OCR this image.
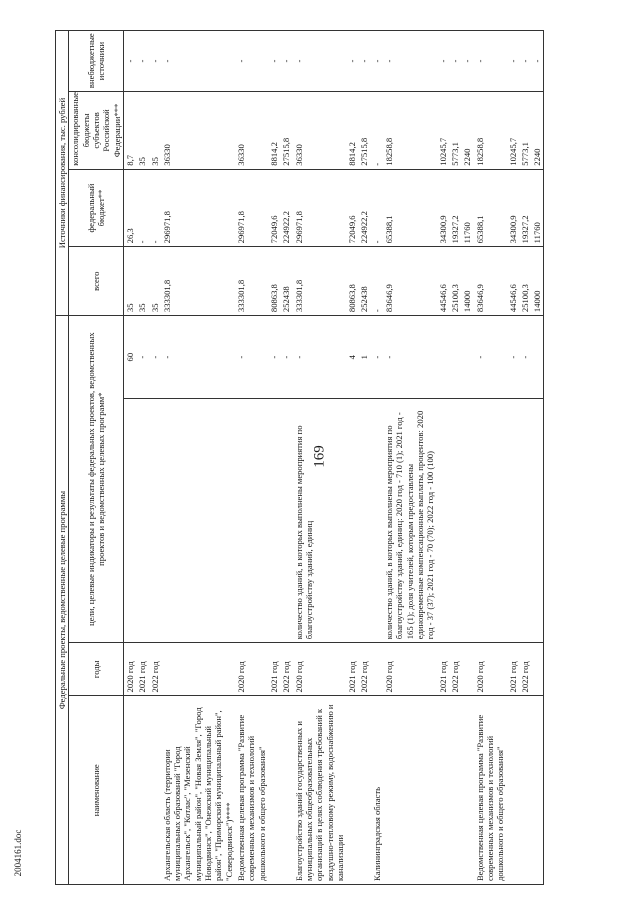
169
2004161.doc
Федеральные проекты, ведомственные целевые программы				Источники финансирования, тыс. рублей			
наименование	годы	цели, целевые индикаторы и результаты федеральных проектов, ведомственных проектов и ведомственных целевых программ*		всего	федеральный бюджет**	консолидированные бюджеты субъектов Российской Федерации***	внебюджетные источники
	2020 год		60	35	26,3	8,7	-
	2021 год		-	35	-	35	-
	2022 год		-	35	-	35	-
Архангельская область (территории муниципальных образований "Город Архангельск", "Котлас", "Мезенский муниципальный район", "Новая Земля", "Город Новодвинск", "Онежский муниципальный район", "Приморский муниципальный район", "Северодвинск")****			-	333301,8	296971,8	36330	-
Ведомственная целевая программа "Развитие современных механизмов и технологий дошкольного и общего образования"	2020 год		-	333301,8	296971,8	36330	-
	2021 год		-	80863,8	72049,6	8814,2	-
	2022 год		-	252438	224922,2	27515,8	-
Благоустройство зданий государственных и муниципальных общеобразовательных организаций в целях соблюдения требований к воздушно-тепловому режиму, водоснабжению и канализации	2020 год	количество зданий, в которых выполнены мероприятия по благоустройству зданий, единиц	-	333301,8	296971,8	36330	-
	2021 год		4	80863,8	72049,6	8814,2	-
	2022 год		1	252438	224922,2	27515,8	-
Калининградская область			-	-	-	-	-
	2020 год	количество зданий, в которых выполнены мероприятия по благоустройству зданий, единиц: 2020 год - 710 (1); 2021 год - 165 (1); доля учителей, которым предоставлены единовременные компенсационные выплаты, процентов: 2020 год - 37 (37); 2021 год - 70 (70); 2022 год - 100 (100)	-	83646,9	65388,1	18258,8	-
	2021 год			44546,6	34300,9	10245,7	-
	2022 год			25100,3	19327,2	5773,1	-
				14000	11760	2240	-
Ведомственная целевая программа "Развитие современных механизмов и технологий дошкольного и общего образования"	2020 год		-	83646,9	65388,1	18258,8	-
	2021 год		-	44546,6	34300,9	10245,7	-
	2022 год		-	25100,3	19327,2	5773,1	-
				14000	11760	2240	-
